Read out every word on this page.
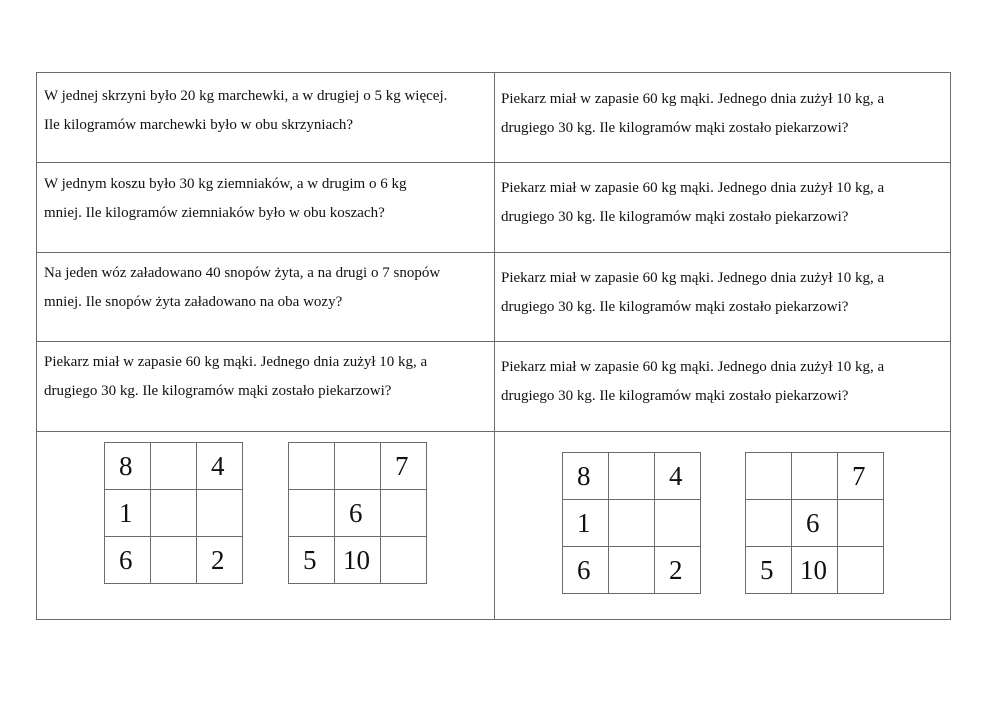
W jednej skrzyni było 20 kg marchewki, a w drugiej o 5 kg więcej.
Ile kilogramów marchewki było w obu skrzyniach?
W jednym koszu było 30 kg ziemniaków, a w drugim o 6 kg
mniej. Ile kilogramów ziemniaków było w obu koszach?
Na jeden wóz załadowano 40 snopów żyta, a na drugi o 7 snopów
mniej. Ile snopów żyta załadowano na oba wozy?
Piekarz miał w zapasie 60 kg mąki. Jednego dnia zużył 10 kg, a
drugiego 30 kg. Ile kilogramów mąki zostało piekarzowi?
Piekarz miał w zapasie 60 kg mąki. Jednego dnia zużył 10 kg, a
drugiego 30 kg. Ile kilogramów mąki zostało piekarzowi?
Piekarz miał w zapasie 60 kg mąki. Jednego dnia zużył 10 kg, a
drugiego 30 kg. Ile kilogramów mąki zostało piekarzowi?
Piekarz miał w zapasie 60 kg mąki. Jednego dnia zużył 10 kg, a
drugiego 30 kg. Ile kilogramów mąki zostało piekarzowi?
Piekarz miał w zapasie 60 kg mąki. Jednego dnia zużył 10 kg, a
drugiego 30 kg. Ile kilogramów mąki zostało piekarzowi?
8		4
1		
6		2
		7
	6	
5	10	
8		4
1		
6		2
		7
	6	
5	10	
